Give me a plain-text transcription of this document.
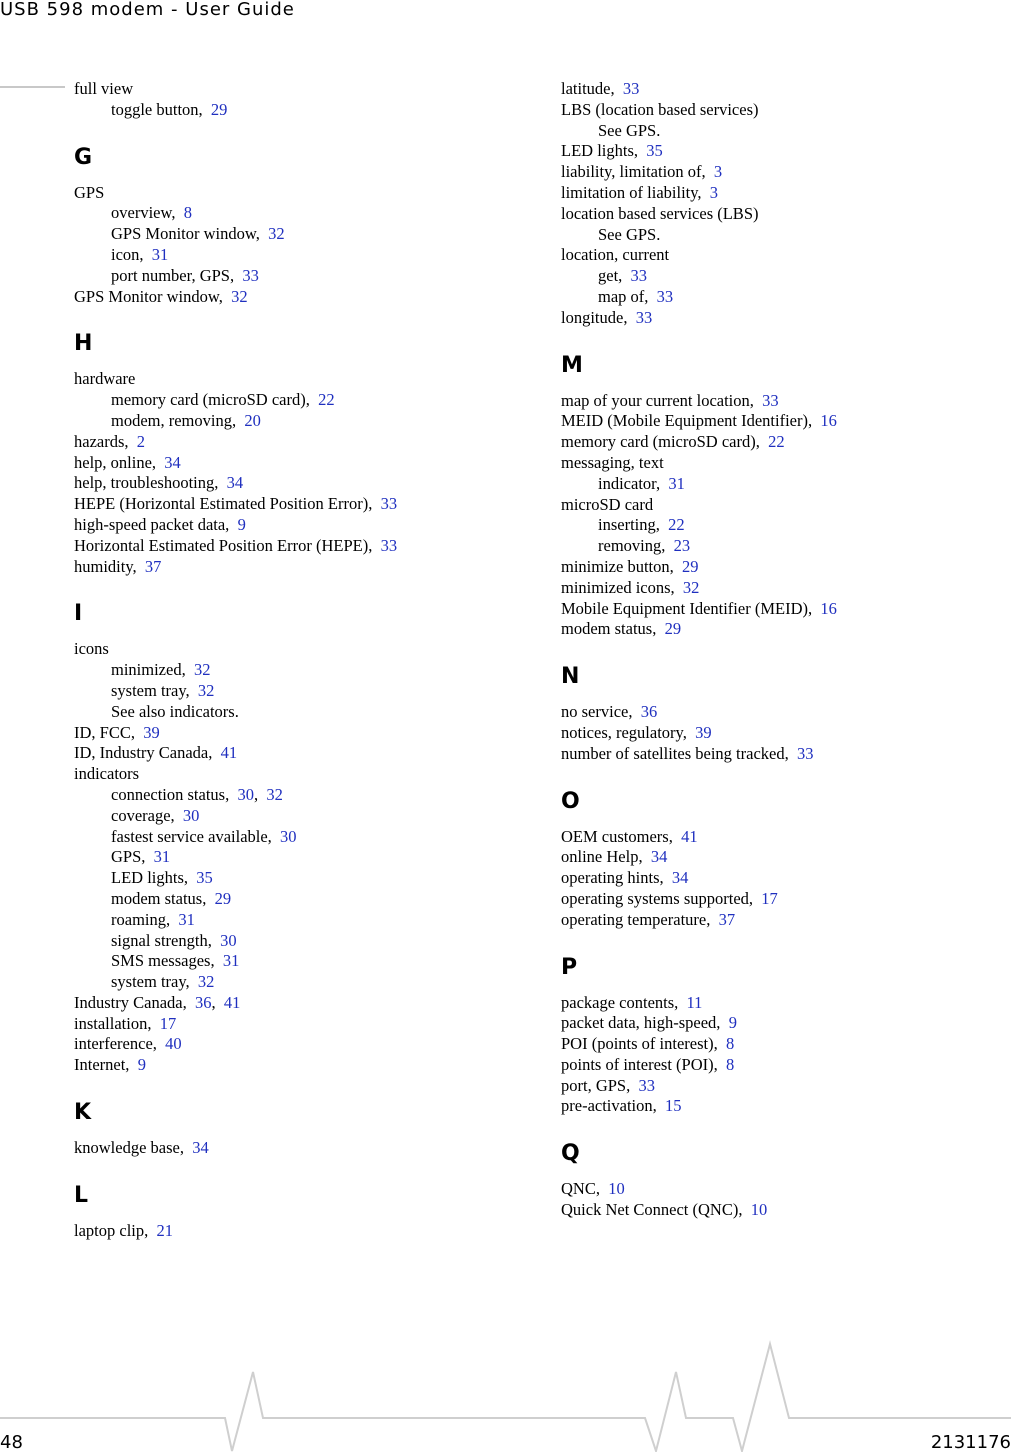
USB 598 modem - User Guide
full view
toggle button, 29
G
GPS
overview, 8
GPS Monitor window, 32
icon, 31
port number, GPS, 33
GPS Monitor window, 32
H
hardware
memory card (microSD card), 22
modem, removing, 20
hazards, 2
help, online, 34
help, troubleshooting, 34
HEPE (Horizontal Estimated Position Error), 33
high-speed packet data, 9
Horizontal Estimated Position Error (HEPE), 33
humidity, 37
I
icons
minimized, 32
system tray, 32
See also indicators.
ID, FCC, 39
ID, Industry Canada, 41
indicators
connection status, 30,  32
coverage, 30
fastest service available, 30
GPS, 31
LED lights, 35
modem status, 29
roaming, 31
signal strength, 30
SMS messages, 31
system tray, 32
Industry Canada, 36,  41
installation, 17
interference, 40
Internet, 9
K
knowledge base, 34
L
laptop clip, 21
latitude, 33
LBS (location based services)
See GPS.
LED lights, 35
liability, limitation of, 3
limitation of liability, 3
location based services (LBS)
See GPS.
location, current
get, 33
map of, 33
longitude, 33
M
map of your current location, 33
MEID (Mobile Equipment Identifier), 16
memory card (microSD card), 22
messaging, text
indicator, 31
microSD card
inserting, 22
removing, 23
minimize button, 29
minimized icons, 32
Mobile Equipment Identifier (MEID), 16
modem status, 29
N
no service, 36
notices, regulatory, 39
number of satellites being tracked, 33
O
OEM customers, 41
online Help, 34
operating hints, 34
operating systems supported, 17
operating temperature, 37
P
package contents, 11
packet data, high-speed, 9
POI (points of interest), 8
points of interest (POI), 8
port, GPS, 33
pre-activation, 15
Q
QNC, 10
Quick Net Connect (QNC), 10
48	2131176
